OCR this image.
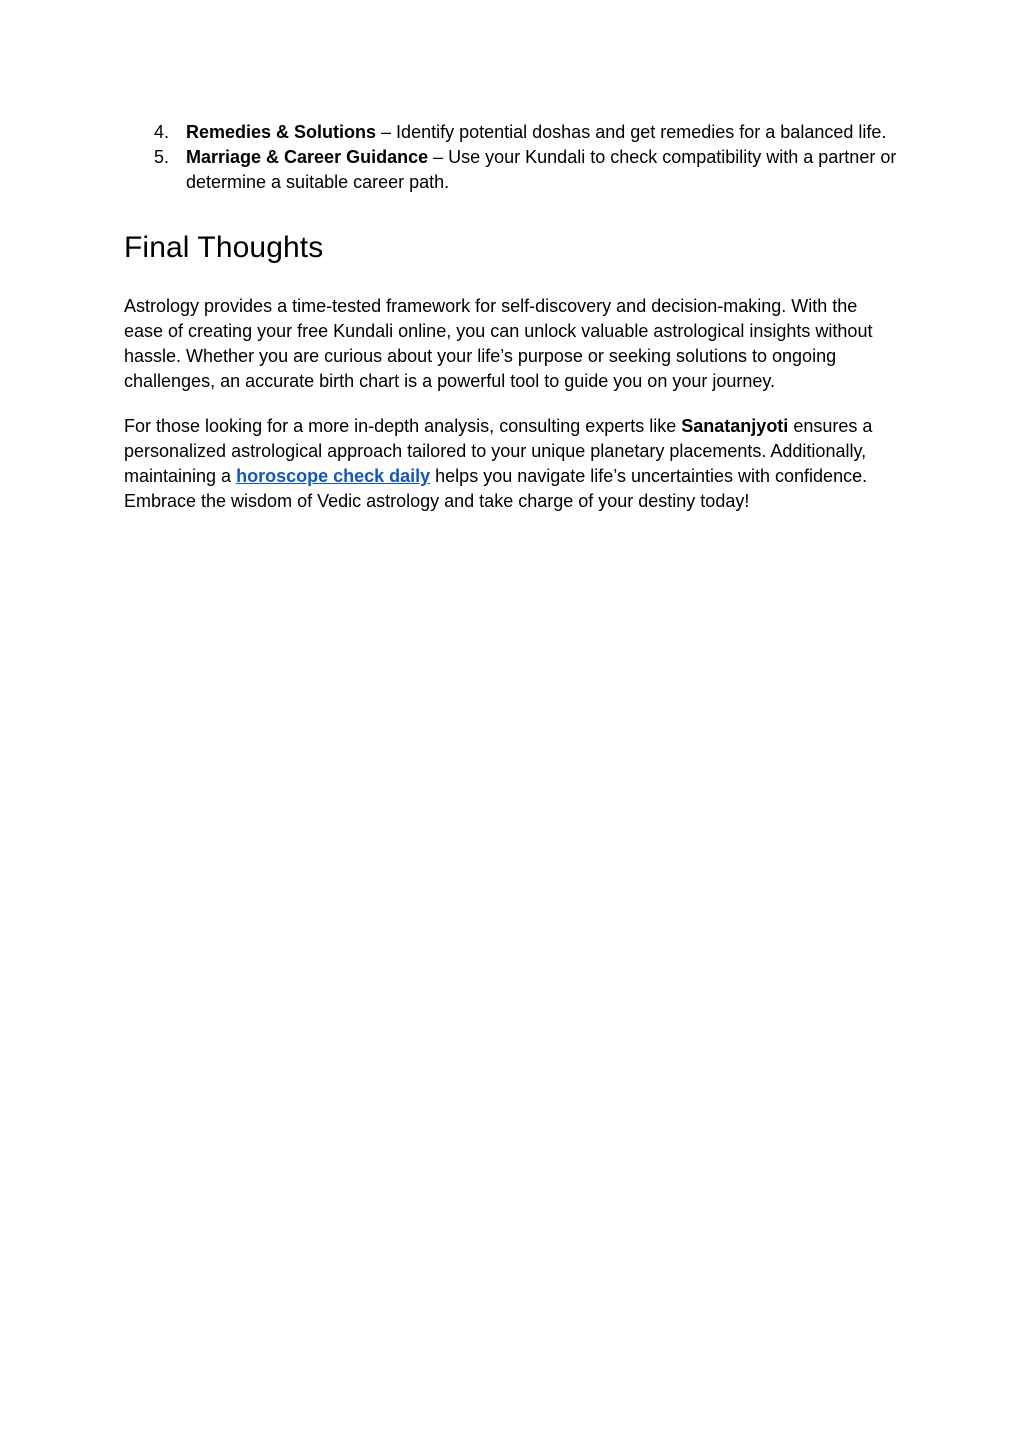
4. Remedies & Solutions – Identify potential doshas and get remedies for a balanced life.
5. Marriage & Career Guidance – Use your Kundali to check compatibility with a partner or determine a suitable career path.
Final Thoughts

Astrology provides a time-tested framework for self-discovery and decision-making. With the ease of creating your free Kundali online, you can unlock valuable astrological insights without hassle. Whether you are curious about your life’s purpose or seeking solutions to ongoing challenges, an accurate birth chart is a powerful tool to guide you on your journey.

For those looking for a more in-depth analysis, consulting experts like Sanatanjyoti ensures a personalized astrological approach tailored to your unique planetary placements. Additionally, maintaining a horoscope check daily helps you navigate life’s uncertainties with confidence. Embrace the wisdom of Vedic astrology and take charge of your destiny today!
